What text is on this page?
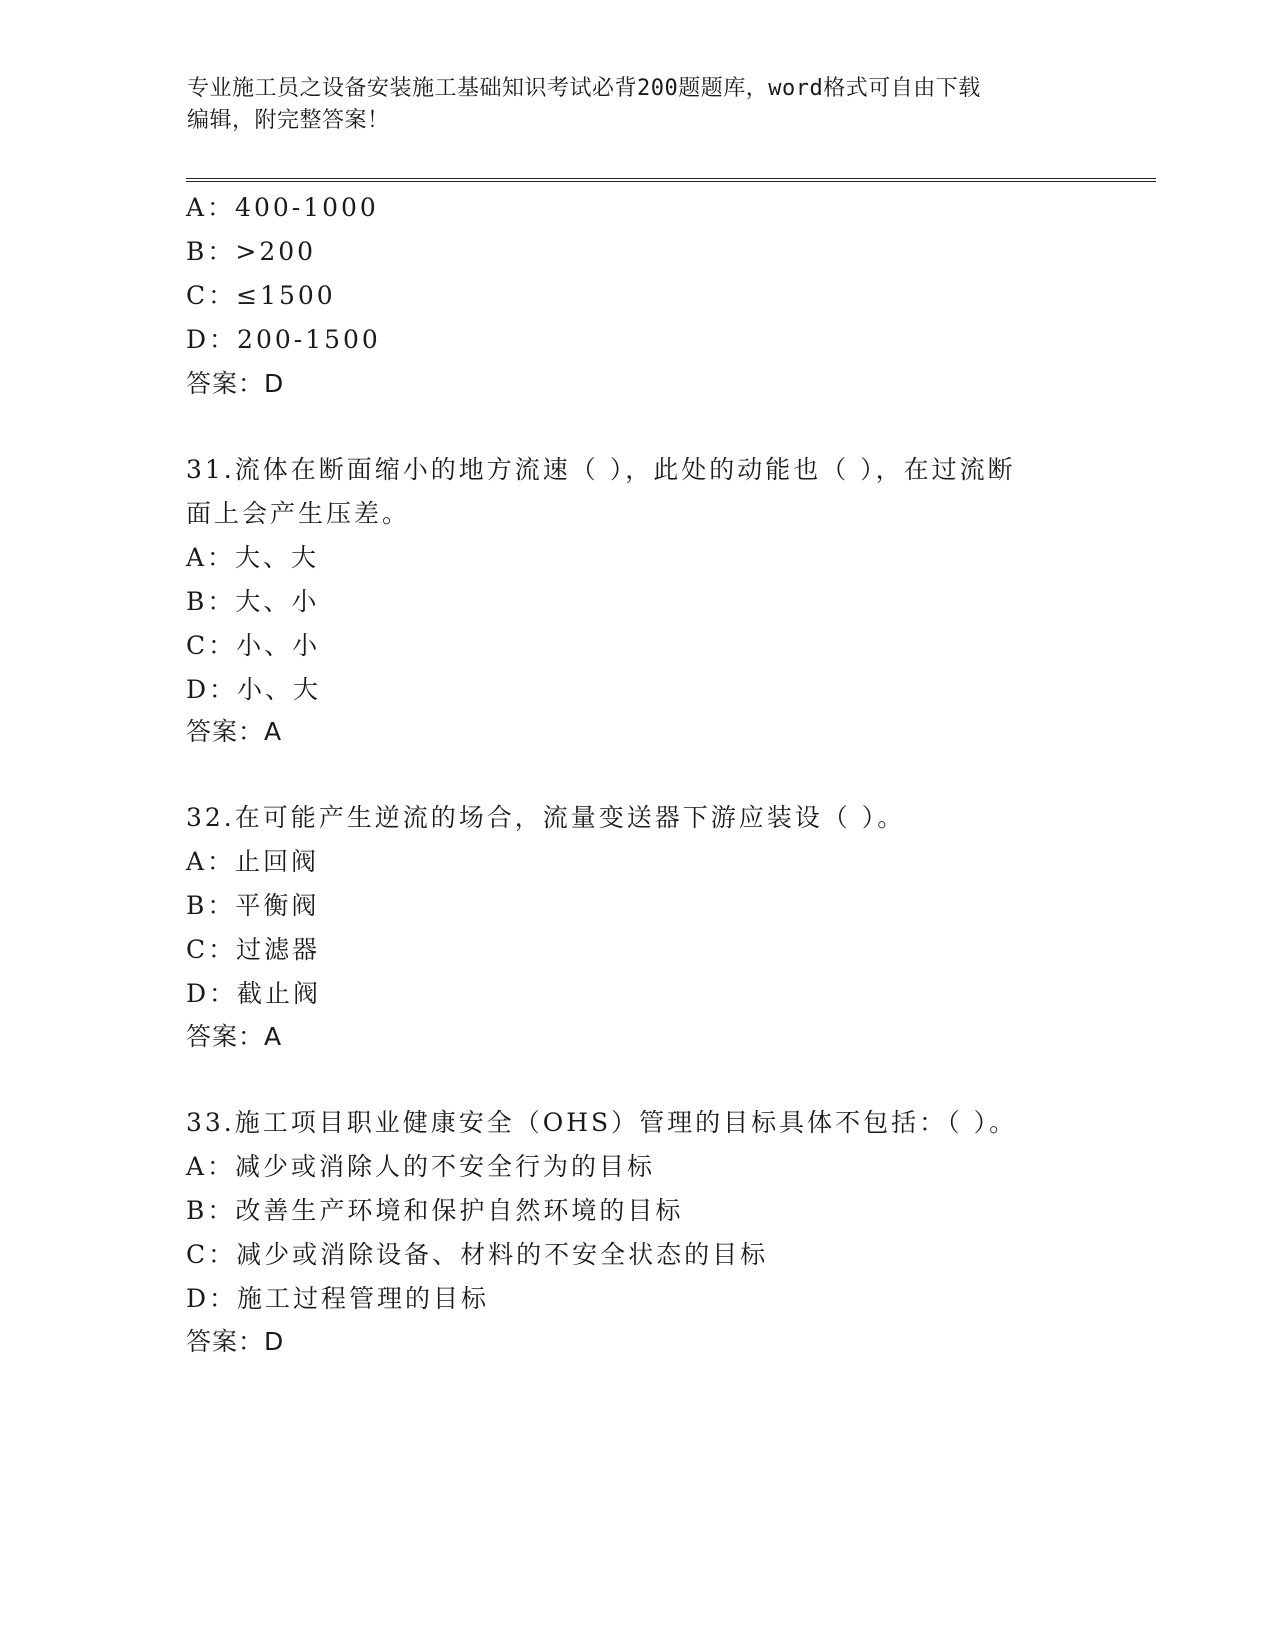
专业施工员之设备安装施工基础知识考试必背200题题库，word格式可自由下载
编辑，附完整答案！
A：400-1000
B：>200
C：≤1500
D：200-1500
答案：D
31.流体在断面缩小的地方流速（ ），此处的动能也（ ），在过流断
面上会产生压差。
A：大、大
B：大、小
C：小、小
D：小、大
答案：A
32.在可能产生逆流的场合，流量变送器下游应装设（ ）。
A：止回阀
B：平衡阀
C：过滤器
D：截止阀
答案：A
33.施工项目职业健康安全（OHS）管理的目标具体不包括：（ ）。
A：减少或消除人的不安全行为的目标
B：改善生产环境和保护自然环境的目标
C：减少或消除设备、材料的不安全状态的目标
D：施工过程管理的目标
答案：D
